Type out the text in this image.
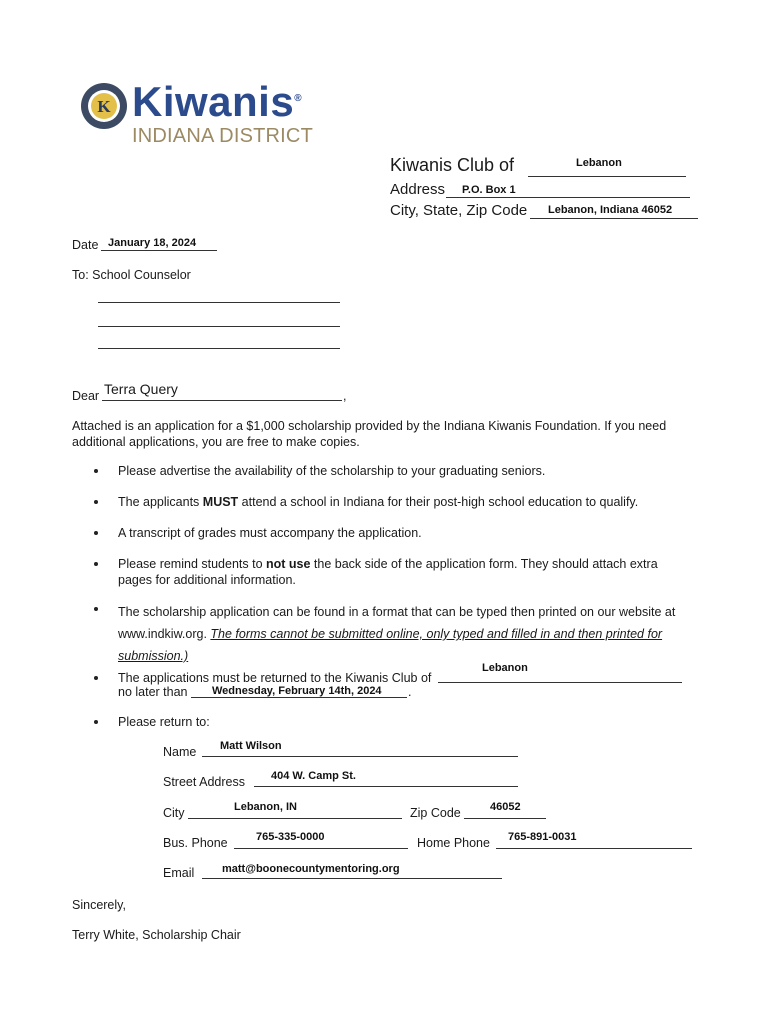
K Kiwanis®
INDIANA DISTRICT
Kiwanis Club of	Lebanon
Address P.O. Box 1
City, State, Zip Code Lebanon, Indiana 46052
Date January 18, 2024
To: School Counselor
Dear Terra Query	,
Attached is an application for a $1,000 scholarship provided by the Indiana Kiwanis Foundation. If you need additional applications, you are free to make copies.
Please advertise the availability of the scholarship to your graduating seniors.
The applicants MUST attend a school in Indiana for their post-high school education to qualify.
A transcript of grades must accompany the application.
Please remind students to not use the back side of the application form. They should attach extra pages for additional information.
The scholarship application can be found in a format that can be typed then printed on our website at www.indkiw.org. The forms cannot be submitted online, only typed and filled in and then printed for submission.)
The applications must be returned to the Kiwanis Club of
Lebanon
no later than Wednesday, February 14th, 2024 .
Please return to:
Name Matt Wilson
Street Address 404 W. Camp St.
City	Lebanon, IN	Zip Code	46052
Bus. Phone	765-335-0000	Home Phone 765-891-0031
Email	matt@boonecountymentoring.org
Sincerely,
Terry White, Scholarship Chair
